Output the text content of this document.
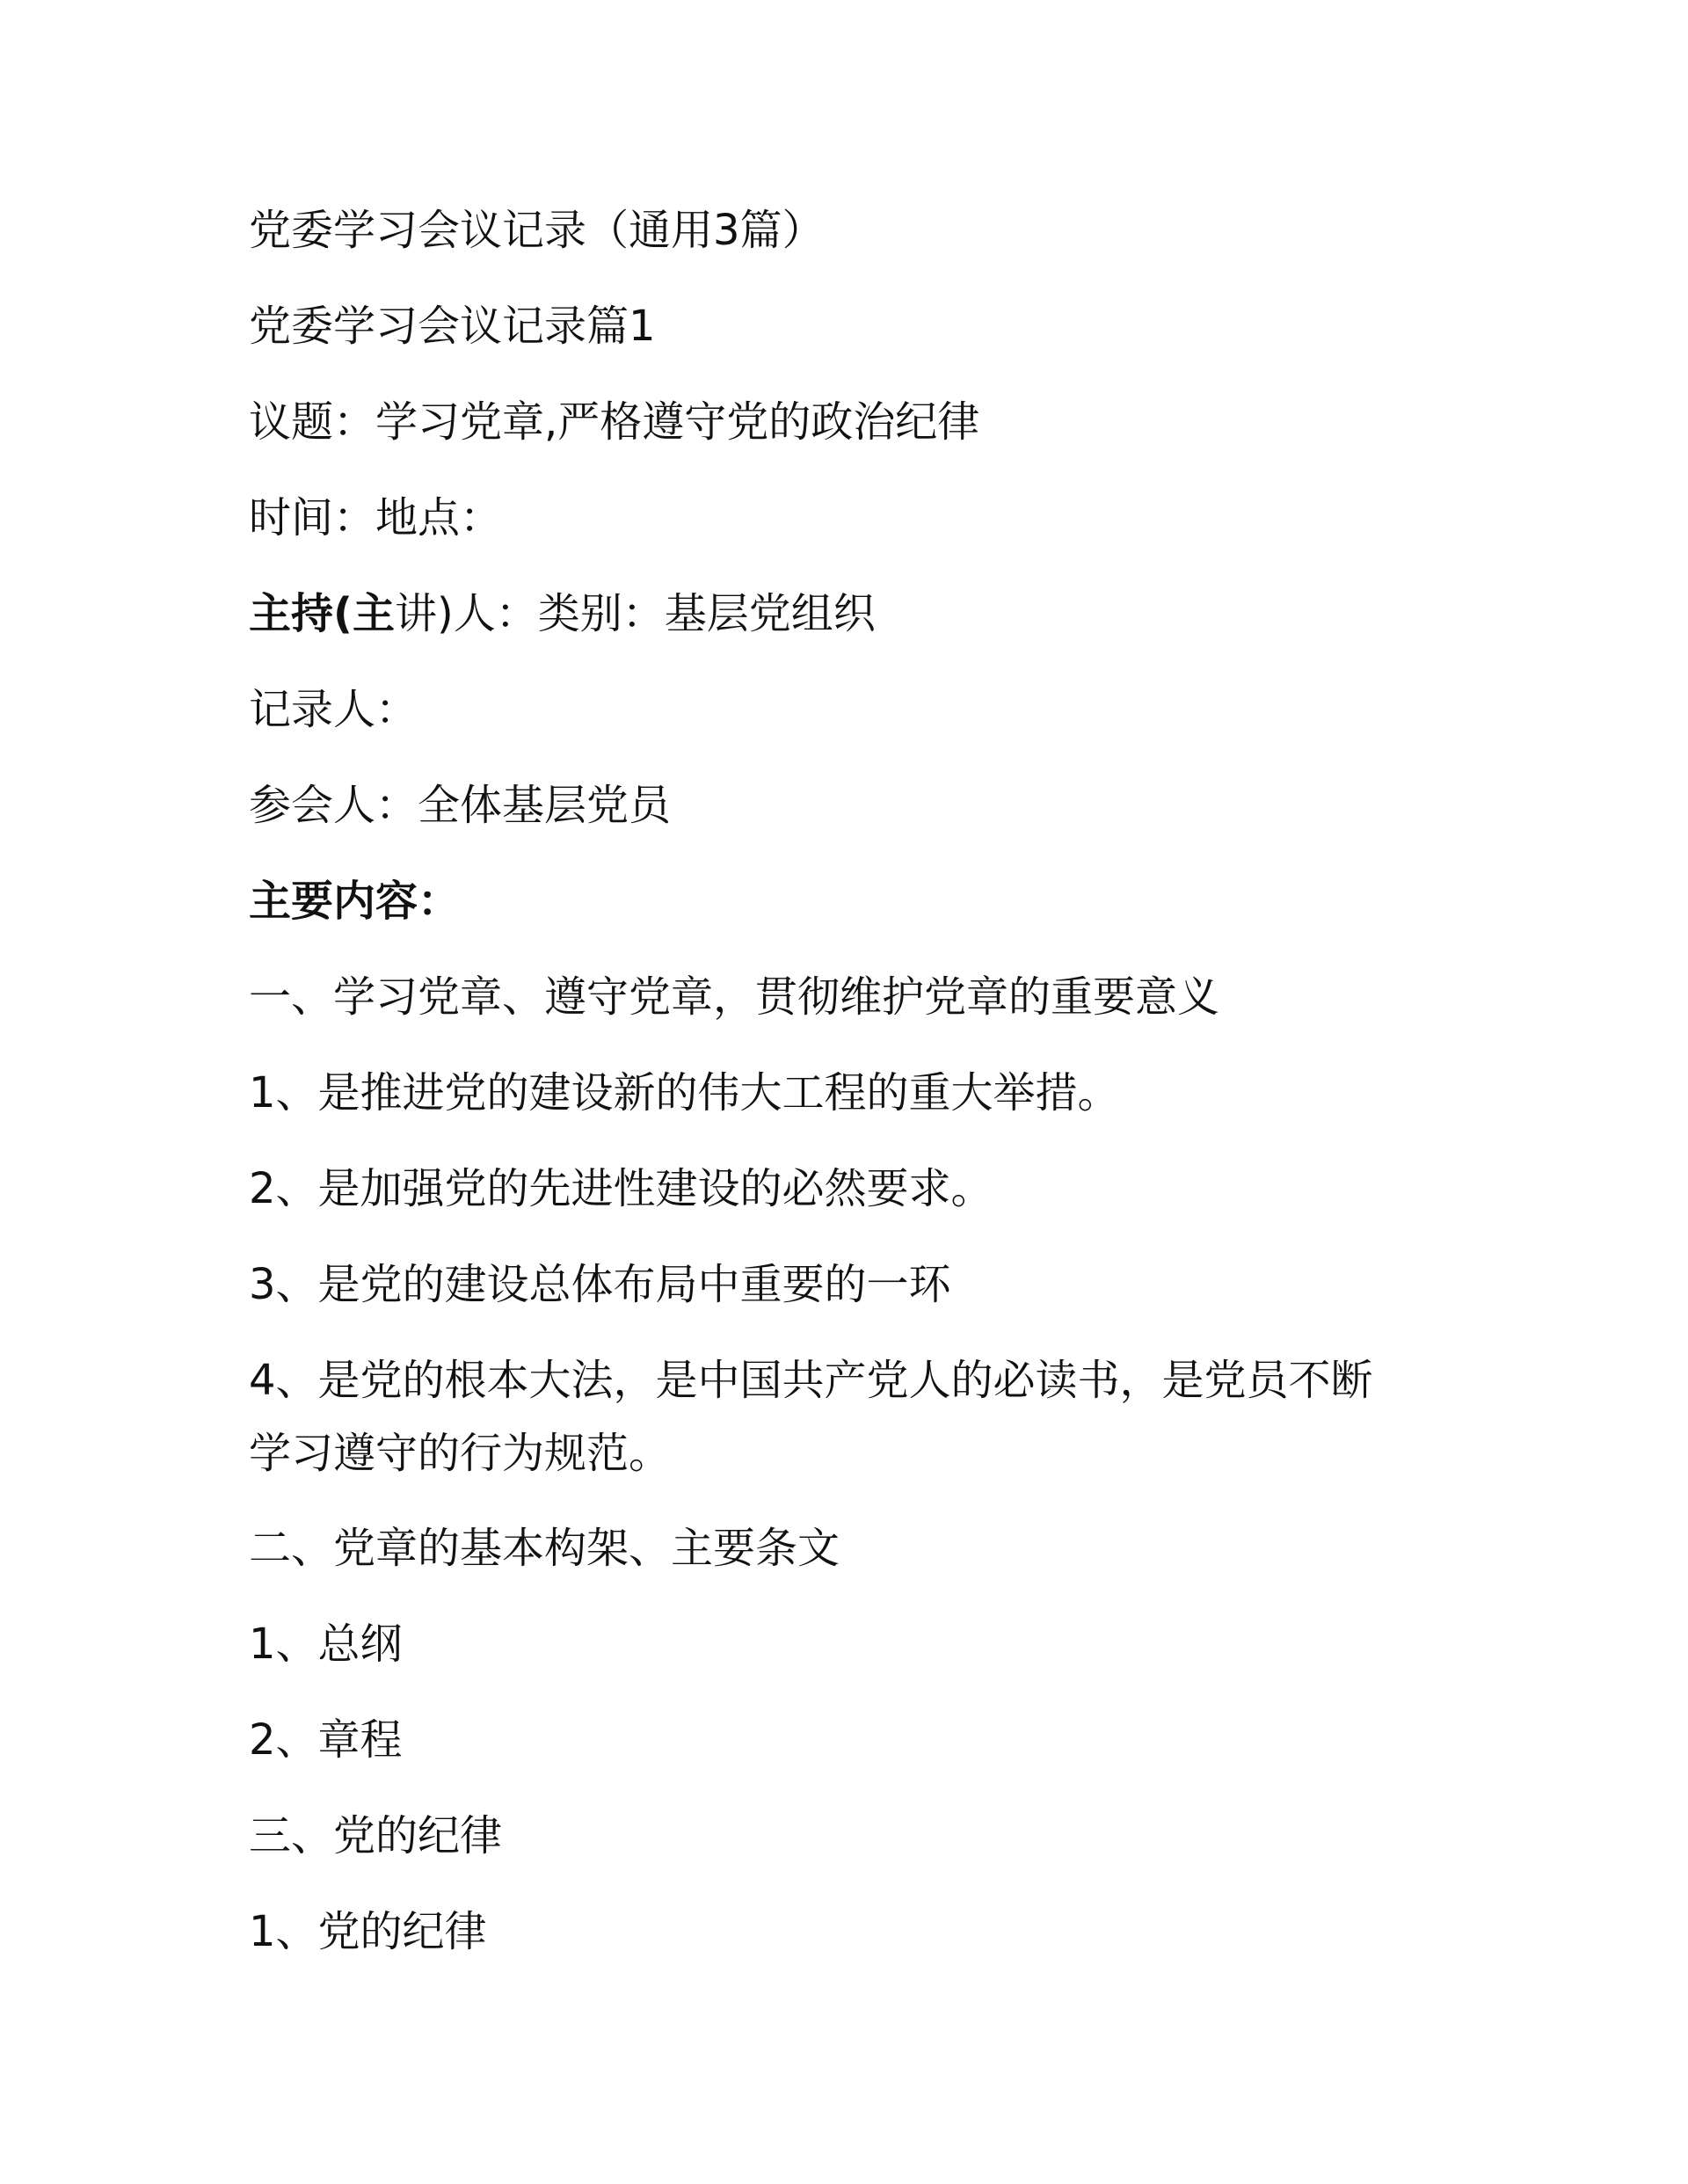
党委学习会议记录（通用3篇）
党委学习会议记录篇1
议题：学习党章,严格遵守党的政治纪律
时间：地点：
主持(主讲)人：类别：基层党组织
记录人：
参会人：全体基层党员
主要内容：
一、学习党章、遵守党章，贯彻维护党章的重要意义
1、是推进党的建设新的伟大工程的重大举措。
2、是加强党的先进性建设的必然要求。
3、是党的建设总体布局中重要的一环
4、是党的根本大法，是中国共产党人的必读书，是党员不断
学习遵守的行为规范。
二、党章的基本构架、主要条文
1、总纲
2、章程
三、党的纪律
1、党的纪律
